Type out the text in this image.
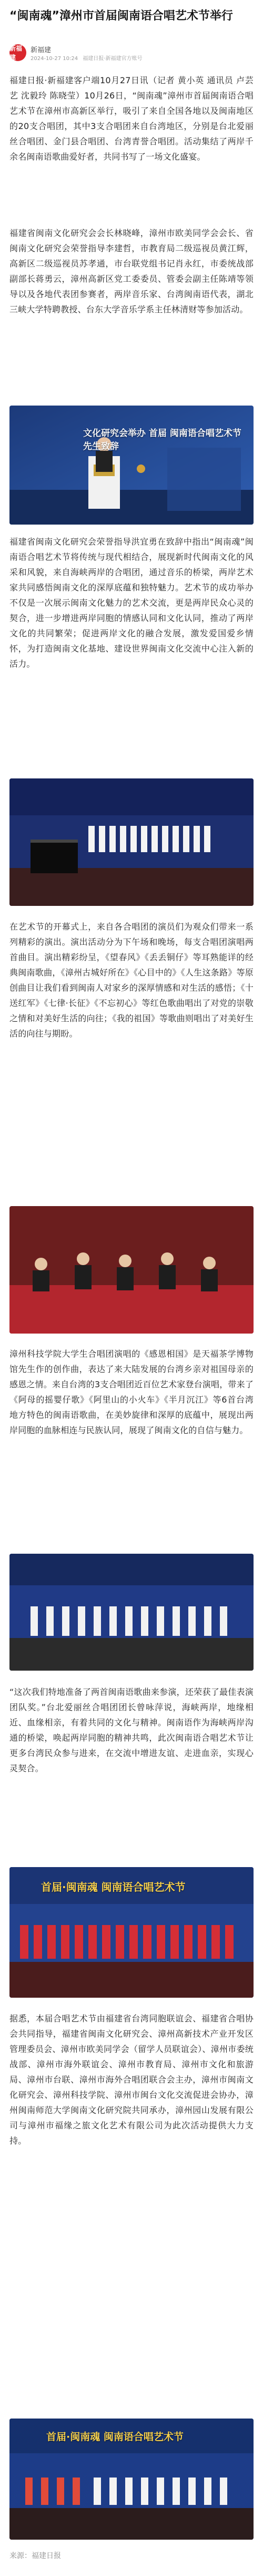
“闽南魂”漳州市首届闽南语合唱艺术节举行
新福建
新福建
2024-10-27 10:24 福建日报·新福建官方账号
福建日报·新福建客户端10月27日讯（记者 黄小英 通讯员 卢芸艺 沈毅玲 陈晓莹）10月26日，“闽南魂”漳州市首届闽南语合唱艺术节在漳州市高新区举行，吸引了来自全国各地以及闽南地区的20支合唱团，其中3支合唱团来自台湾地区，分别是台北爱丽丝合唱团、金门县合唱团、台湾青誉合唱团。活动集结了两岸千余名闽南语歌曲爱好者，共同书写了一场文化盛宴。
福建省闽南文化研究会会长林晓峰，漳州市欧美同学会会长、省闽南文化研究会荣誉指导李建哲，市教育局二级巡视员黄江辉，高新区二级巡视员苏孝通，市台联党组书记肖永红，市委统战部副部长蒋勇云，漳州高新区党工委委员、管委会副主任陈靖等领导以及各地代表团参赛者，两岸音乐家、台湾闽南语代表，湖北三峡大学特聘教授、台东大学音乐学系主任林清财等参加活动。
文化研究会举办 首届 闽南语合唱艺术节 先生致辞
福建省闽南文化研究会荣誉指导洪宜勇在致辞中指出“闽南魂”闽南语合唱艺术节将传统与现代相结合，展现新时代闽南文化的风采和风貌，来自海峡两岸的合唱团，通过音乐的桥梁，两岸艺术家共同感悟闽南文化的深厚底蕴和独特魅力。艺术节的成功举办不仅是一次展示闽南文化魅力的艺术交流，更是两岸民众心灵的契合，进一步增进两岸同胞的情感认同和文化认同，推动了两岸文化的共同繁荣；促进两岸文化的融合发展，激发爱国爱乡情怀，为打造闽南文化基地、建设世界闽南文化交流中心注入新的活力。
在艺术节的开幕式上，来自各合唱团的演员们为观众们带来一系列精彩的演出。演出活动分为下午场和晚场，每支合唱团演唱两首曲目。演出精彩纷呈，《望春风》《丢丢铜仔》等耳熟能详的经典闽南歌曲，《漳州古城好所在》《心目中的》《人生这条路》等原创曲目让我们看到闽南人对家乡的深厚情感和对生活的感悟；《十送红军》《七律·长征》《不忘初心》等红色歌曲唱出了对党的崇敬之情和对美好生活的向往；《我的祖国》等歌曲则唱出了对美好生活的向往与期盼。
漳州科技学院大学生合唱团演唱的《感恩相国》是天福茶学博物馆先生作的创作曲，表达了来大陆发展的台湾乡亲对祖国母亲的感恩之情。来自台湾的3支合唱团近百位艺术家登台演唱，带来了《阿母的摇婴仔歌》《阿里山的小火车》《半月沉江》等6首台湾地方特色的闽南语歌曲，在美妙旋律和深厚的底蕴中，展现出两岸同胞的血脉相连与民族认同，展现了闽南文化的自信与魅力。
“这次我们特地准备了两首闽南语歌曲来参演，还荣获了最佳表演团队奖。”台北爱丽丝合唱团团长曾咏萍说，海峡两岸，地缘相近、血缘相亲，有着共同的文化与精神。闽南语作为海峡两岸沟通的桥梁，唤起两岸同胞的精神共鸣，此次闽南语合唱艺术节让更多台湾民众参与进来，在交流中增进友谊、走进血亲，实现心灵契合。
首届·闽南魂 闽南语合唱艺术节
据悉，本届合唱艺术节由福建省台湾同胞联谊会、福建省合唱协会共同指导，福建省闽南文化研究会、漳州高新技术产业开发区管理委员会、漳州市欧美同学会（留学人员联谊会）、漳州市委统战部、漳州市海外联谊会、漳州市教育局、漳州市文化和旅游局、漳州市台联、漳州市海外合唱团联合会主办，漳州市闽南文化研究会、漳州科技学院、漳州市闽台文化交流促进会协办，漳州闽南师范大学闽南文化研究院共同承办，漳州园山发展有限公司与漳州市福缘之旅文化艺术有限公司为此次活动提供大力支持。
首届·闽南魂 闽南语合唱艺术节
来源：福建日报
